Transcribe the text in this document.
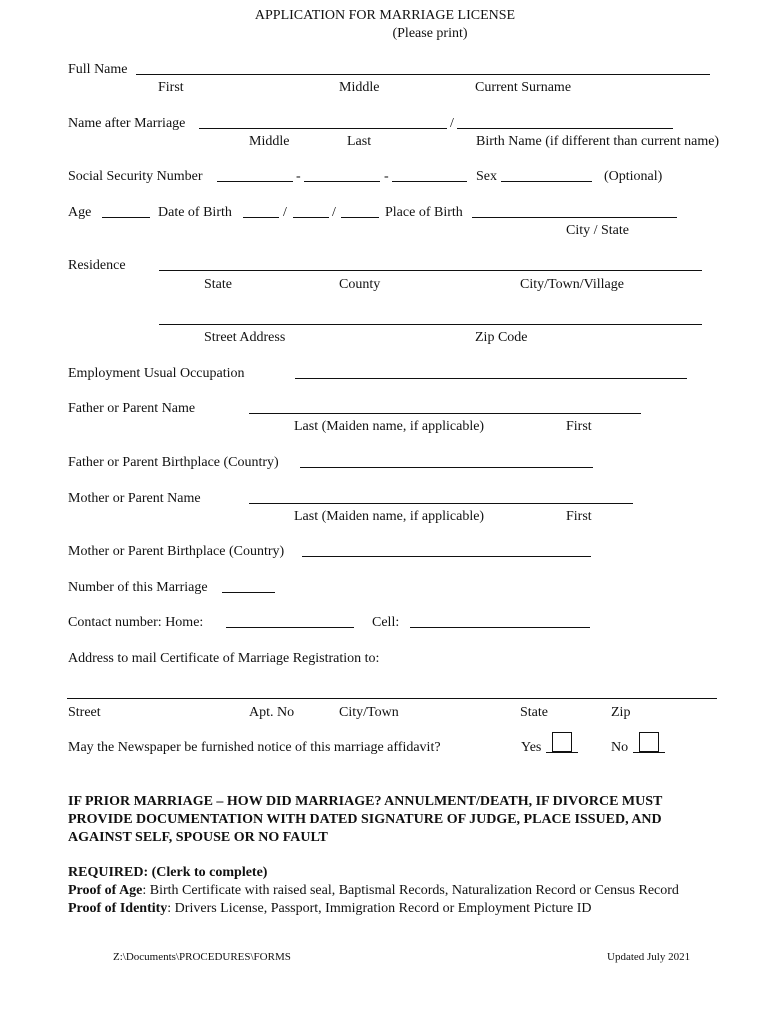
APPLICATION FOR MARRIAGE LICENSE
(Please print)
Full Name
First	Middle	Current Surname
Name after Marriage	/
Middle	Last	Birth Name (if different than current name)
Social Security Number	-	-	Sex	(Optional)
Age	Date of Birth	/	/	Place of Birth
City / State
Residence
State	County	City/Town/Village
Street Address	Zip Code
Employment Usual Occupation
Father or Parent Name
Last (Maiden name, if applicable)	First
Father or Parent Birthplace (Country)
Mother or Parent Name
Last (Maiden name, if applicable)	First
Mother or Parent Birthplace (Country)
Number of this Marriage
Contact number: Home:	Cell:
Address to mail Certificate of Marriage Registration to:
Street	Apt. No	City/Town	State	Zip
May the Newspaper be furnished notice of this marriage affidavit?	Yes	No
IF PRIOR MARRIAGE – HOW DID MARRIAGE? ANNULMENT/DEATH, IF DIVORCE MUST
PROVIDE DOCUMENTATION WITH DATED SIGNATURE OF JUDGE, PLACE ISSUED, AND
AGAINST SELF, SPOUSE OR NO FAULT
REQUIRED: (Clerk to complete)
Proof of Age: Birth Certificate with raised seal, Baptismal Records, Naturalization Record or Census Record
Proof of Identity: Drivers License, Passport, Immigration Record or Employment Picture ID
Z:\Documents\PROCEDURES\FORMS	Updated July 2021
